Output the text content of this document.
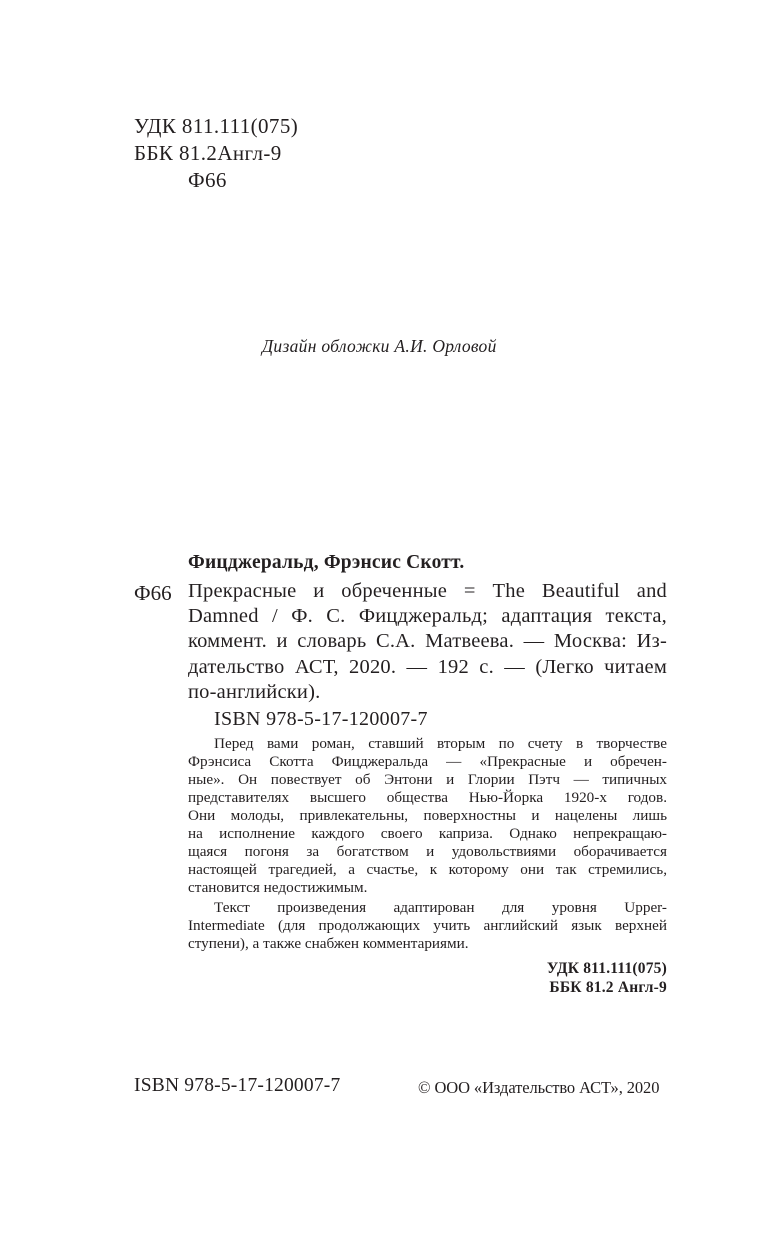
УДК 811.111(075)
ББК 81.2Англ-9
Ф66
Дизайн обложки А.И. Орловой
Фицджеральд, Фрэнсис Скотт.
Ф66 Прекрасные и обреченные = The Beautiful and
Damned / Ф. С. Фицджеральд; адаптация текста,
коммент. и словарь С.А. Матвеева. — Москва: Из-
дательство АСТ, 2020. — 192 с. — (Легко читаем
по-английски).
ISBN 978-5-17-120007-7
Перед вами роман, ставший вторым по счету в творчестве
Фрэнсиса Скотта Фицджеральда — «Прекрасные и обречен-
ные». Он повествует об Энтони и Глории Пэтч — типичных
представителях высшего общества Нью-Йорка 1920-х годов.
Они молоды, привлекательны, поверхностны и нацелены лишь
на исполнение каждого своего каприза. Однако непрекращаю-
щаяся погоня за богатством и удовольствиями оборачивается
настоящей трагедией, а счастье, к которому они так стремились,
становится недостижимым.
Текст произведения адаптирован для уровня Upper-
Intermediate (для продолжающих учить английский язык верхней
ступени), а также снабжен комментариями.
УДК 811.111(075)
ББК 81.2 Англ-9
ISBN 978-5-17-120007-7	© ООО «Издательство АСТ», 2020
